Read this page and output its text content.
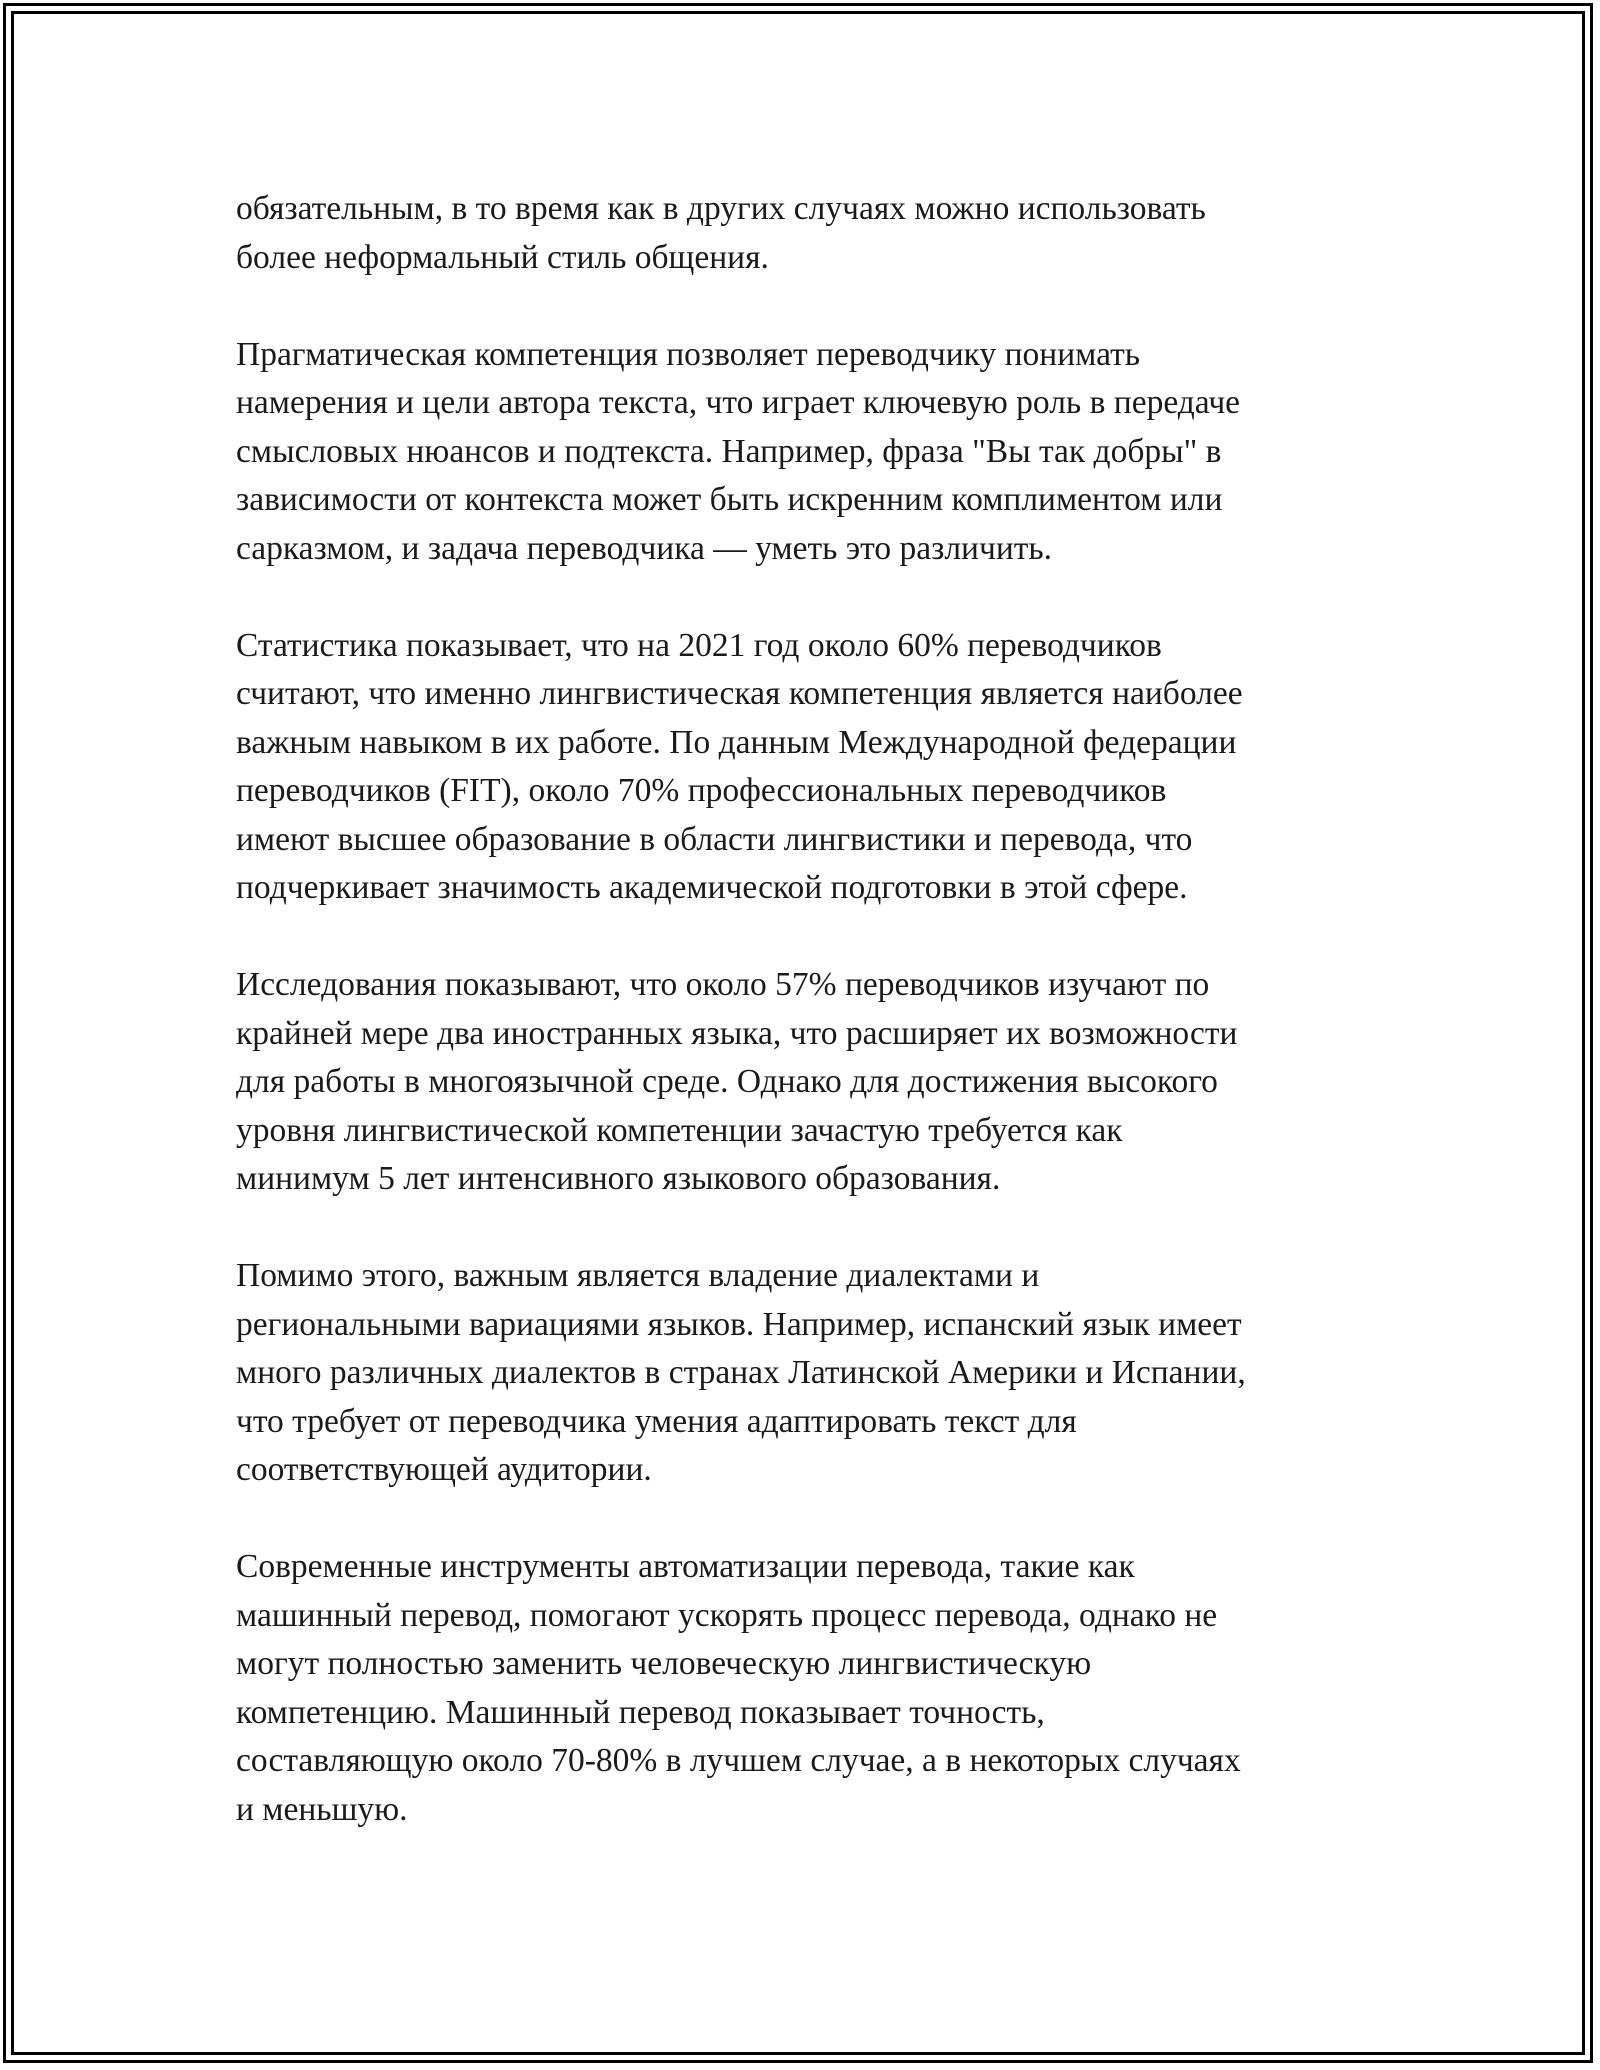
обязательным, в то время как в других случаях можно использовать
более неформальный стиль общения.

Прагматическая компетенция позволяет переводчику понимать
намерения и цели автора текста, что играет ключевую роль в передаче
смысловых нюансов и подтекста. Например, фраза "Вы так добры" в
зависимости от контекста может быть искренним комплиментом или
сарказмом, и задача переводчика — уметь это различить.

Статистика показывает, что на 2021 год около 60% переводчиков
считают, что именно лингвистическая компетенция является наиболее
важным навыком в их работе. По данным Международной федерации
переводчиков (FIT), около 70% профессиональных переводчиков
имеют высшее образование в области лингвистики и перевода, что
подчеркивает значимость академической подготовки в этой сфере.

Исследования показывают, что около 57% переводчиков изучают по
крайней мере два иностранных языка, что расширяет их возможности
для работы в многоязычной среде. Однако для достижения высокого
уровня лингвистической компетенции зачастую требуется как
минимум 5 лет интенсивного языкового образования.

Помимо этого, важным является владение диалектами и
региональными вариациями языков. Например, испанский язык имеет
много различных диалектов в странах Латинской Америки и Испании,
что требует от переводчика умения адаптировать текст для
соответствующей аудитории.

Современные инструменты автоматизации перевода, такие как
машинный перевод, помогают ускорять процесс перевода, однако не
могут полностью заменить человеческую лингвистическую
компетенцию. Машинный перевод показывает точность,
составляющую около 70-80% в лучшем случае, а в некоторых случаях
и меньшую.
